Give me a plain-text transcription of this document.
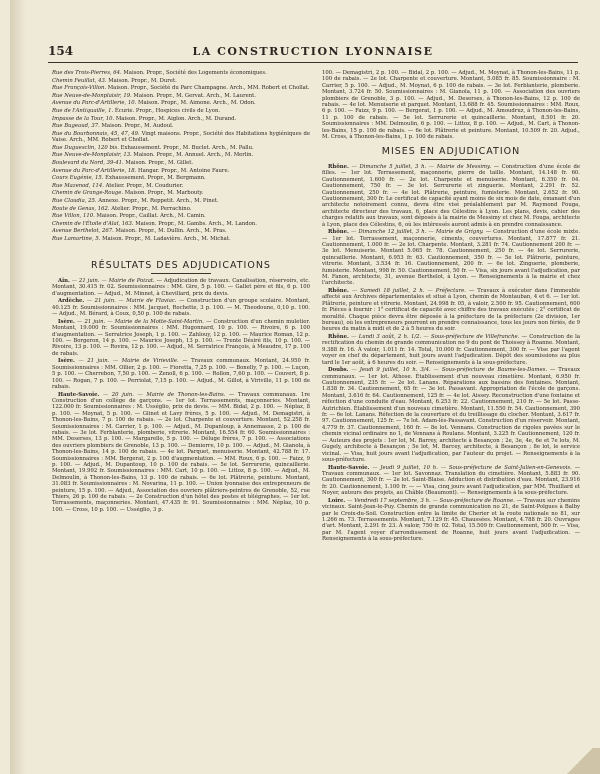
154	LA CONSTRUCTION LYONNAISE
Rue des Trois-Pierres, 64. Maison. Propr., Société des Logements économiques.
Chemin Feuillat, 43. Maison. Propr., M. Duret.
Rue François-Villon. Maison. Propr., Société du Parc Champagne. Arch., MM. Robert et Chollat.
Rue Neuve-de-Monplaisir, 19. Maison. Propr., M. Gervat. Arch., M. Laurent.
Avenue du Parc-d'Artillerie, 10. Maison. Propr., M. Aimone. Arch., M. Odon.
Rue de l'Antiquaille, 1. Écurie. Propr., Hospices civils de Lyon.
Impasse de la Tour, 10. Maison. Propr., M. Aiglon. Arch., M. Durand.
Rue Bugeaud, 37. Maison. Propr., M. Audoul.
Rue du Bourbonnais, 45, 47, 49. Vingt maisons. Propr., Société des Habitations hygiéniques de Vaise. Arch., MM. Robert et Chollat.
Rue Duguesclin, 120 bis. Exhaussement. Propr., M. Buclet. Arch., M. Pallu.
Rue Neuve-de-Monplaisir, 13. Maison. Propr., M. Annuel. Arch., M. Merlin.
Boulevard du Nord, 39-41. Maison. Propr., M. Gillet.
Avenue du Parc-d'Artillerie, 18. Hangar. Propr., M. Antoine Faure.
Cours Eugénie, 15. Exhaussement. Propr., M. Bergmann.
Rue Mazenod, 114. Atelier. Propr., M. Coudurier.
Chemin de Grange-Rouge. Maison. Propr., M. Marbouty.
Rue Claudia, 25. Annexe. Propr., M. Reppetit. Arch., M. Pinet.
Route de Genas, 162. Atelier. Propr., M. Perrachino.
Rue Villon, 110. Maison. Propr., Caillat. Arch., M. Camin.
Chemin de l'Étoile d'Alaï, 163. Maison. Propr., M. Gambs. Arch., M. Landon.
Avenue Berthelot, 267. Maison. Propr., M. Dullin. Arch., M. Pras.
Rue Lamartine, 5. Maison. Propr., M. Ladavière. Arch., M. Michat.
RÉSULTATS DES ADJUDICATIONS
Ain. — 21 juin. — Mairie de Poizat. — Adjudication de travaux. Canalisation, réservoirs, etc. Montant, 30.415 fr. 02. Soumissionnaires : MM. Gire, 5 p. 100. — Gallet père et fils, 6 p. 100 d'augmentation. — Adjud., M. Minnet, à Chevillard, prix du devis.
Ardèche. — 21 juin. — Mairie de Flaviac. — Construction d'un groupe scolaire. Montant, 40.125 fr. Soumissionnaires : MM. Jacquet, Rochette, 3 p. 100. — M. Theodoune, 0,10 p. 100. — Adjud., M. Bérard, à Coux, 0,50 p. 100 de rabais.
Isère. — 21 juin. — Mairie de la Motte-Saint-Martin. — Construction d'un chemin muletier. Montant, 19.000 fr. Soumissionnaires : MM. Hugonnard, 10 p. 100. — Rivoire, 6 p. 100 d'augmentation. — Serratrice Joseph, 1 p. 100. — Zahlouy, 12 p. 100. — Maurice Roman, 12 p. 100. — Borgeron, 14 p. 100. — Maurice Joseph, 13 p. 100. — Trente Désiré fils, 10 p. 100. — Rivoire, 13 p. 100. — Rovira, 12 p. 100. — Adjud., M. Serratrice François, à Meaudre, 17 p. 100 de rabais.
Isère. — 21 juin. — Mairie de Virieville. — Travaux communaux. Montant, 24.950 fr. Soumissionnaires : MM. Ollier, 2 p. 100. — Fioretta, 7,25 p. 100. — Bonelly, 7 p. 100. — Luçon, 5 p. 100. — Cherrebon, 7,50 p. 100. — Zenoll, 6 p. 100. — Rollon, 7,60 p. 100. — Couvert, 8 p. 100. — Rogan, 7 p. 100. — Perriolat, 7,15 p. 100. — Adjud., M. Gillot, à Viriville, 11 p. 100 de rabais.
Haute-Savoie. — 20 juin. — Mairie de Thonon-les-Bains. — Travaux communaux. 1re Construction d'un collège de garçons. — 1er lot. Terrassements, maçonneries. Montant, 122.000 fr. Soumissionnaires : M. Usséglio, prix du devis. — MM. Bidal, 2 p. 100. — Néplaz, 8 p. 100. — Moynat, 5 p. 100. — Glinet et Lavy frères, 5 p. 100. — Adjud., M. Demagistri, à Thonon-les-Bains, 7 p. 100 de rabais. — 2e lot. Charpente et couverture. Montant, 52.258 fr. Soumissionnaires : M. Carrier, 1 p. 100. — Adjud., M. Dupanloup, à Annemasse, 2 p. 100 de rabais. — 3e lot. Ferblanterie, plomberie, vitrerie. Montant, 16.554 fr. 60. Soumissionnaires : MM. Deserses, 13 p. 100. — Margarello, 5 p. 100. — Déluge frères, 7 p. 100. — Associations des ouvriers plombiers de Grenoble, 13 p. 100. — Demierre, 10 p. 100. — Adjud., M. Gianola, à Thonon-les-Bains, 14 p. 100 de rabais. — 4e lot. Parquet, menuiserie. Montant, 42.788 fr. 17. Soumissionnaires : MM. Bergerat, 2 p. 100 d'augmentation. — MM. Roux, 6 p. 100. — Faizz, 9 p. 100. — Adjud., M. Dupantoup, 10 p. 100 de rabais. — 5e lot. Serrurerie, quincaillerie. Montant, 19.992 fr. Soumissionnaires : MM. Cart, 10 p. 100. — Littoz, 8 p. 100. — Adjud., M. Delmoulin, à Thonon-les-Bains, 13 p. 100 de rabais. — 6e lot. Plâtrerie, peinture. Montant, 31.083 fr. Soumissionnaires : M. Novarina, 11 p. 100. — Union lyonnaise des entrepreneurs de peinture, 15 p. 100. — Adjud., Association des ouvriers plâtriers-peintres de Grenoble, 52, rue Thiers, 26 p. 100 de rabais. — 2e Construction d'un hôtel des postes et télégraphes. — 1er lot. Terrassements, maçonneries. Montant, 47.435 fr. 91. Soumissionnaires : MM. Néplaz, 10 p. 100. — Cross, 10 p. 100. — Usséglio, 3 p.
100. — Demagistri, 2 p. 100. — Bidal, 2 p. 100. — Adjud., M. Moynat, à Thonon-les-Bains, 11 p. 100 de rabais. — 2e lot. Charpente et couverture. Montant, 5.085 fr. 85. Soumissionnaire : M. Carrier, 5 p. 100. — Adjud., M. Moynat, 6 p. 100 de rabais. — 3e lot. Ferblanterie, plomberie. Montant, 3.724 fr. 50. Soumissionnaires : M. Gianola, 11 p. 100. — Association des ouvriers plombiers de Grenoble, 3 p. 100. — Adjud., M. Deserses, à Thonon-les-Bains, 12 p. 100 de rabais. — 4e lot. Menuiserie et parquet. Montant, 13.688 fr. 45. Soumissionnaires : MM. Roux, 6 p. 100. — Faizz, 9 p. 100. — Bergerat, 1 p. 100. — Adjud., M. Amoudruz, à Thonon-les-Bains, 11 p. 100 de rabais. — 5e lot. Serrurerie et quincaillerie. Montant, 8.501 fr. 20. Soumissionnaires : MM. Delmoulin, 6 p. 100. — Littoz, 8 p. 100. — Adjud., M. Cart, à Thonon-les-Bains, 15 p. 100 de rabais. — 6e lot. Plâtrerie et peinture. Montant, 10.509 fr. 20. Adjud., M. Cross, à Thonon-les-Bains, 1 p. 100 de rabais.
MISES EN ADJUDICATION
Rhône. — Dimanche 5 juillet, 3 h. — Mairie de Messimy. — Construction d'une école de filles. — 1er lot. Terrassement, maçonnerie, pierre de taille. Montant, 14.148 fr. 60. Cautionnement, 1.600 fr. — 2e lot. Charpente et menuiserie. Montant, 6.350 fr. 04. Cautionnement, 750 fr. — 3e lot. Serrurerie et zinguerie. Montant, 2.291 fr. 52. Cautionnement, 250 fr. — 4e lot. Plâtrerie, peinture, fumisterie. Montant, 2.652 fr. 90. Cautionnement, 300 fr. Le certificat de capacité ayant moins de six mois de date, émanant d'un architecte notoirement connu, devra être visé préalablement par M. Raymond Fouga, architecte directeur des travaux, 6, place des Célestins à Lyon. Les plans, devis, cahier des charges relatifs aux travaux, sont déposés à la mairie de Messimy et chez M. Fouga, architecte à Lyon, place des Célestins, 6, où les intéressés auront admis à en prendre connaissance.
Rhône. — Dimanche 12 juillet, 3 h. — Mairie de Grigny. — Construction d'une école mixte. — 1er lot. Terrassement, maçonnerie, ciments, couvertures. Montant, 17.877 fr. 21. Cautionnement, 1.000 fr. — 2e lot. Charpente. Montant, 3.281 fr. 74. Cautionnement 200 fr. — 3e lot. Menuiserie. Montant 5.065 fr. 78. Cautionnement, 250 fr. — 4e lot. Serrurerie, quincaillerie. Montant, 6.953 fr. 63. Cautionnement, 350 fr. — 5e lot. Plâtrerie, peinture, vitrerie. Montant, 3.534 fr. 16. Cautionnement, 200 fr. — 6e lot. Zinguerie, plomberie, fumisterie. Montant, 998 fr. 50. Cautionnement, 50 fr. — Visa, six jours avant l'adjudication, par M. Fanon, architecte, 31, avenue Berthelot, à Lyon. — Renseignements à la mairie et chez l'architecte.
Rhône. — Samedi 18 juillet, 2 h. — Préfecture. — Travaux à exécuter dans l'immeuble affecté aux Archives départementales et situé à Lyon, chemin de Montauban, 4 et 6. — 1er lot. Plâtrerie, peinture et vitrerie. Montant, 24.998 fr. 05, à valoir, 2.500 fr. 95. Cautionnement, 600 fr. Pièces à fournir : 1° certificat de capacité avec chiffre des travaux exécutés ; 2° certificat de moralité. Chaque pièce devra être déposée à la préfecture de la préfecture (2e division, 1er bureau), où les entrepreneurs pourront en prendre connaissance, tous les jours non fériés, de 9 heures du matin à midi et de 2 à 5 heures du soir.
Rhône. — Lundi 3 août, 2 h. 1/2. — Sous-préfecture de Villefranche. — Construction de la rectification du chemin de grande communication no 9 du pont de Thoissey à Roanne. Montant, 9.388 fr. 16. À valoir, 1.011 fr. 14. Total, 10.000 fr. Cautionnement, 300 fr. — Vise par l'agent voyer en chef du département, huit jours avant l'adjudication. Dépôt des soumissions au plus tard le 1er août, à 6 heures du soir. — Renseignements à la sous-préfecture.
Doubs. — Jeudi 9 juillet, 10 h. 3/4. — Sous-préfecture de Baume-les-Dames. — Travaux communaux. — 1er lot. Athose. Établissement d'un nouveau cimetière. Montant, 6.950 fr. Cautionnement, 235 fr. — 2e lot. Lanans. Réparations aux bassins des fontaines. Montant, 1.838 fr. 34. Cautionnement, 65 fr. — 3e lot. Passavant. Appropriation de l'école de garçons. Montant, 3.616 fr. 64. Cautionnement, 125 fr. — 4e lot. Aissey. Reconstruction d'une fontaine et réfection d'une conduite d'eau. Montant, 6.253 fr. 22. Cautionnement, 210 fr. — 5e lot. Passe-Autrichien. Établissement d'un nouveau cimetière. Montant, 11.550 fr. 54. Cautionnement, 390 fr. — 6e lot. Lanans. Réfection de la couverture et du treillissage du clocher. Montant, 3.617 fr. 97. Cautionnement, 125 fr. — 7e lot. Adam-lès-Passavant. Construction d'un réservoir. Montant, 4.779 fr. 37. Cautionnement, 160 fr. — 8e lot. Vennans. Construction de rigoles pavées sur le chemin vicinal ordinaire no 1, de Vennans à Roulans. Montant, 3.225 fr. Cautionnement, 120 fr. — Auteurs des projets : 1er lot, M. Barrey, architecte à Besançon ; 2e, 3e, 4e, 6e et 7e lots, M. Gugely, architecte à Besançon ; 5e lot, M. Barcey, architecte, à Besançon ; 8e lot, le service vicinal. — Visa, huit jours avant l'adjudication, par l'auteur du projet. — Renseignements à la sous-préfecture.
Haute-Savoie. — Jeudi 9 juillet, 10 h. — Sous-préfecture de Saint-Julien-en-Genevois. — Travaux communaux. — 1er lot. Savonnaz. Translation du cimetière. Montant, 5.883 fr. 90. Cautionnement, 300 fr. — 2e lot. Saint-Blaise. Adduction et distribution d'eau. Montant, 23.916 fr. 20. Cautionnement, 1.100 fr. — — Visa, cinq jours avant l'adjudication, par MM. Thuillard et Noyer, auteurs des projets, au Châble (Beaumont). — Renseignements à la sous-préfecture.
Loire. — Vendredi 17 septembre, 3 h. — Sous-préfecture de Roanne. — Travaux sur chemins vicinaux. Saint-Jean-le-Puy. Chemin de grande communication no 21, de Saint-Polgues à Balby par le Croix-du-Soil. Construction entre la limite de Cherier et la route nationale no 81, sur 1.266 m. 73. Terrassements. Montant, 7.129 fr. 45. Chaussées. Montant, 4.788 fr. 20. Ouvrages d'art. Montant, 2.291 fr. 23. À valoir, 750 fr. 02. Total, 15.509 fr. Cautionnement, 500 fr. — Visa, par M. l'agent voyer d'arrondissement de Roanne, huit jours avant l'adjudication. — Renseignements à la sous-préfecture.
